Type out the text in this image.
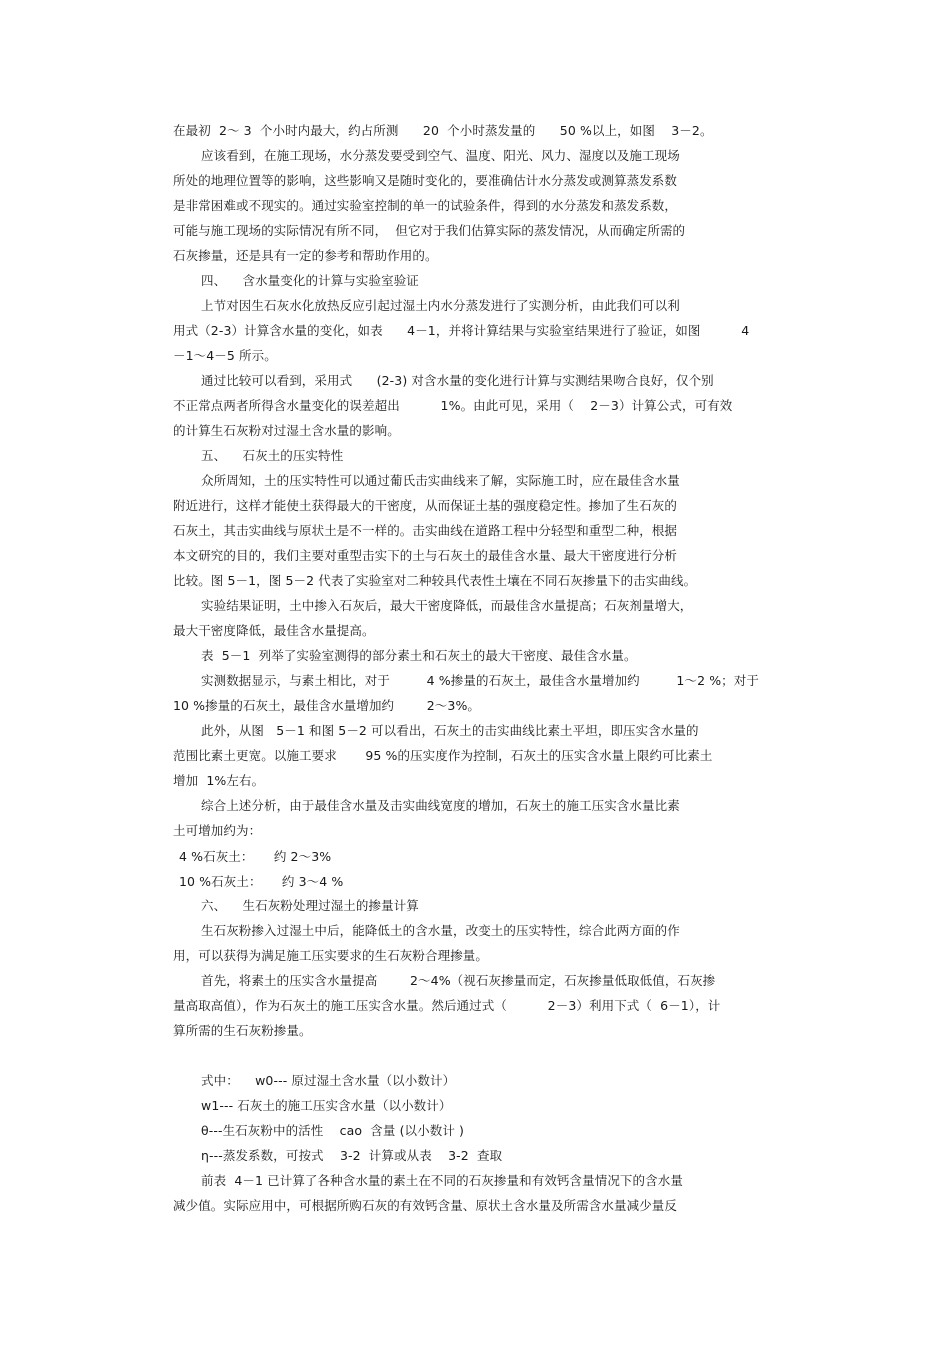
在最初  2～ 3  个小时内最大，约占所测      20  个小时蒸发量的      50 %以上，如图    3－2。
应该看到，在施工现场，水分蒸发要受到空气、温度、阳光、风力、湿度以及施工现场
所处的地理位置等的影响，这些影响又是随时变化的，要准确估计水分蒸发或测算蒸发系数
是非常困难或不现实的。通过实验室控制的单一的试验条件，得到的水分蒸发和蒸发系数，
可能与施工现场的实际情况有所不同，  但它对于我们估算实际的蒸发情况，从而确定所需的
石灰掺量，还是具有一定的参考和帮助作用的。
四、    含水量变化的计算与实验室验证
上节对因生石灰水化放热反应引起过湿土内水分蒸发进行了实测分析，由此我们可以利
用式（2-3）计算含水量的变化，如表      4－1，并将计算结果与实验室结果进行了验证，如图          4
－1～4－5 所示。
通过比较可以看到，采用式      (2-3) 对含水量的变化进行计算与实测结果吻合良好，仅个别
不正常点两者所得含水量变化的误差超出          1%。由此可见，采用（    2－3）计算公式，可有效
的计算生石灰粉对过湿土含水量的影响。
五、    石灰土的压实特性
众所周知，土的压实特性可以通过葡氏击实曲线来了解，实际施工时，应在最佳含水量
附近进行，这样才能使土获得最大的干密度，从而保证土基的强度稳定性。掺加了生石灰的
石灰土，其击实曲线与原状土是不一样的。击实曲线在道路工程中分轻型和重型二种，根据
本文研究的目的，我们主要对重型击实下的土与石灰土的最佳含水量、最大干密度进行分析
比较。图 5－1，图 5－2 代表了实验室对二种较具代表性土壤在不同石灰掺量下的击实曲线。
实验结果证明，土中掺入石灰后，最大干密度降低，而最佳含水量提高；石灰剂量增大，
最大干密度降低，最佳含水量提高。
表  5－1  列举了实验室测得的部分素土和石灰土的最大干密度、最佳含水量。
实测数据显示，与素土相比，对于         4 %掺量的石灰土，最佳含水量增加约         1～2 %；对于
10 %掺量的石灰土，最佳含水量增加约        2～3%。
此外，从图   5－1 和图 5－2 可以看出，石灰土的击实曲线比素土平坦，即压实含水量的
范围比素土更宽。以施工要求       95 %的压实度作为控制，石灰土的压实含水量上限约可比素土
增加  1%左右。
综合上述分析，由于最佳含水量及击实曲线宽度的增加，石灰土的施工压实含水量比素
土可增加约为：
4 %石灰土：     约 2～3%
10 %石灰土：     约 3～4 %
六、    生石灰粉处理过湿土的掺量计算
生石灰粉掺入过湿土中后，能降低土的含水量，改变土的压实特性，综合此两方面的作
用，可以获得为满足施工压实要求的生石灰粉合理掺量。
首先，将素土的压实含水量提高        2～4%（视石灰掺量而定，石灰掺量低取低值，石灰掺
量高取高值），作为石灰土的施工压实含水量。然后通过式（          2－3）利用下式（  6－1），计
算所需的生石灰粉掺量。
式中：    w0--- 原过湿土含水量（以小数计）
w1--- 石灰土的施工压实含水量（以小数计）
θ---生石灰粉中的活性    cao  含量 (以小数计 )
η---蒸发系数，可按式    3-2  计算或从表    3-2  查取
前表  4－1 已计算了各种含水量的素土在不同的石灰掺量和有效钙含量情况下的含水量
减少值。实际应用中，可根据所购石灰的有效钙含量、原状土含水量及所需含水量减少量反
